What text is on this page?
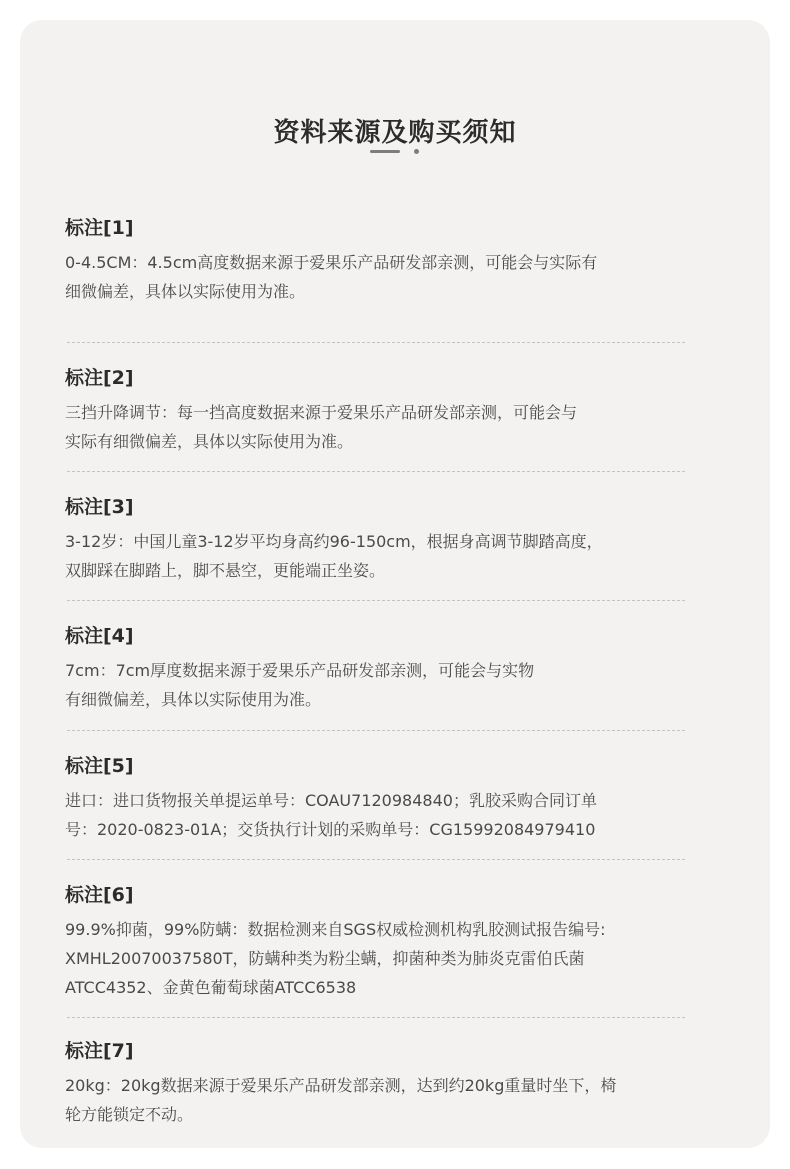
资料来源及购买须知
标注[1]
0-4.5CM：4.5cm高度数据来源于爱果乐产品研发部亲测，可能会与实际有
细微偏差，具体以实际使用为准。
标注[2]
三挡升降调节：每一挡高度数据来源于爱果乐产品研发部亲测，可能会与
实际有细微偏差，具体以实际使用为准。
标注[3]
3-12岁：中国儿童3-12岁平均身高约96-150cm，根据身高调节脚踏高度，
双脚踩在脚踏上，脚不悬空，更能端正坐姿。
标注[4]
7cm：7cm厚度数据来源于爱果乐产品研发部亲测，可能会与实物
有细微偏差，具体以实际使用为准。
标注[5]
进口：进口货物报关单提运单号：COAU7120984840；乳胶采购合同订单
号：2020-0823-01A；交货执行计划的采购单号：CG15992084979410
标注[6]
99.9%抑菌，99%防螨：数据检测来自SGS权威检测机构乳胶测试报告编号:
XMHL20070037580T，防螨种类为粉尘螨，抑菌种类为肺炎克雷伯氏菌
ATCC4352、金黄色葡萄球菌ATCC6538
标注[7]
20kg：20kg数据来源于爱果乐产品研发部亲测，达到约20kg重量时坐下，椅
轮方能锁定不动。
